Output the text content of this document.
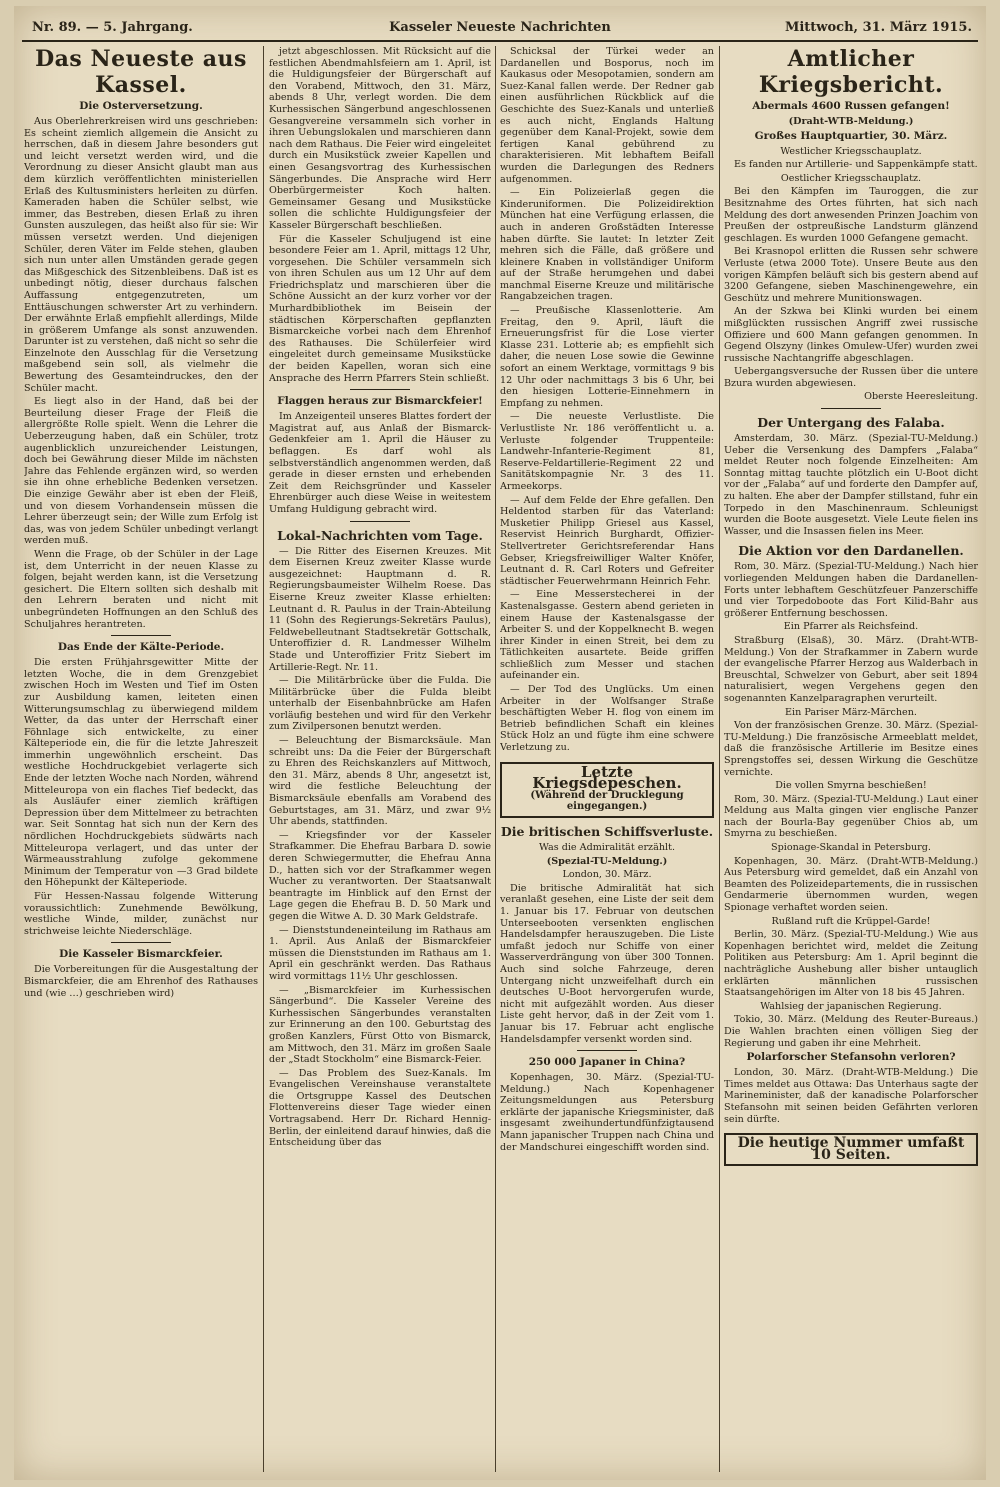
Nr. 89. — 5. Jahrgang.	Kasseler Neueste Nachrichten	Mittwoch, 31. März 1915.
Das Neueste aus Kassel.
Die Osterversetzung.

Aus Oberlehrerkreisen wird uns geschrieben: Es scheint ziemlich allgemein die Ansicht zu herrschen, daß in diesem Jahre besonders gut und leicht versetzt werden wird, und die Verordnung zu dieser Ansicht glaubt man aus dem kürzlich veröffentlichten ministeriellen Erlaß des Kultusministers herleiten zu dürfen. Kameraden haben die Schüler selbst, wie immer, das Bestreben, diesen Erlaß zu ihren Gunsten auszulegen, das heißt also für sie: Wir müssen versetzt werden. Und diejenigen Schüler, deren Väter im Felde stehen, glauben sich nun unter allen Umständen gerade gegen das Mißgeschick des Sitzenbleibens. Daß ist es unbedingt nötig, dieser durchaus falschen Auffassung entgegenzutreten, um Enttäuschungen schwerster Art zu verhindern. Der erwähnte Erlaß empfiehlt allerdings, Milde in größerem Umfange als sonst anzuwenden. Darunter ist zu verstehen, daß nicht so sehr die Einzelnote den Ausschlag für die Versetzung maßgebend sein soll, als vielmehr die Bewertung des Gesamteindruckes, den der Schüler macht.

Es liegt also in der Hand, daß bei der Beurteilung dieser Frage der Fleiß die allergrößte Rolle spielt. Wenn die Lehrer die Ueberzeugung haben, daß ein Schüler, trotz augenblicklich unzureichender Leistungen, doch bei Gewährung dieser Milde im nächsten Jahre das Fehlende ergänzen wird, so werden sie ihn ohne erhebliche Bedenken versetzen. Die einzige Gewähr aber ist eben der Fleiß, und von diesem Vorhandensein müssen die Lehrer überzeugt sein; der Wille zum Erfolg ist das, was von jedem Schüler unbedingt verlangt werden muß.

Wenn die Frage, ob der Schüler in der Lage ist, dem Unterricht in der neuen Klasse zu folgen, bejaht werden kann, ist die Versetzung gesichert. Die Eltern sollten sich deshalb mit den Lehrern beraten und nicht mit unbegründeten Hoffnungen an den Schluß des Schuljahres herantreten.

Das Ende der Kälte-Periode.

Die ersten Frühjahrsgewitter Mitte der letzten Woche, die in dem Grenzgebiet zwischen Hoch im Westen und Tief im Osten zur Ausbildung kamen, leiteten einen Witterungsumschlag zu überwiegend mildem Wetter, da das unter der Herrschaft einer Föhnlage sich entwickelte, zu einer Kälteperiode ein, die für die letzte Jahreszeit immerhin ungewöhnlich erscheint. Das westliche Hochdruckgebiet verlagerte sich Ende der letzten Woche nach Norden, während Mitteleuropa von ein flaches Tief bedeckt, das als Ausläufer einer ziemlich kräftigen Depression über dem Mittelmeer zu betrachten war. Seit Sonntag hat sich nun der Kern des nördlichen Hochdruckgebiets südwärts nach Mitteleuropa verlagert, und das unter der Wärmeausstrahlung zufolge gekommene Minimum der Temperatur von —3 Grad bildete den Höhepunkt der Kälteperiode.

Für Hessen-Nassau folgende Witterung voraussichtlich: Zunehmende Bewölkung, westliche Winde, milder, zunächst nur strichweise leichte Niederschläge.

Die Kasseler Bismarckfeier.

Die Vorbereitungen für die Ausgestaltung der Bismarckfeier, die am Ehrenhof des Rathauses und (wie …) geschrieben wird)

jetzt abgeschlossen. Mit Rücksicht auf die festlichen Abendmahlsfeiern am 1. April, ist die Huldigungsfeier der Bürgerschaft auf den Vorabend, Mittwoch, den 31. März, abends 8 Uhr, verlegt worden. Die dem Kurhessischen Sängerbund angeschlossenen Gesangvereine versammeln sich vorher in ihren Uebungslokalen und marschieren dann nach dem Rathaus. Die Feier wird eingeleitet durch ein Musikstück zweier Kapellen und einen Gesangsvortrag des Kurhessischen Sängerbundes. Die Ansprache wird Herr Oberbürgermeister Koch halten. Gemeinsamer Gesang und Musikstücke sollen die schlichte Huldigungsfeier der Kasseler Bürgerschaft beschließen.

Für die Kasseler Schuljugend ist eine besondere Feier am 1. April, mittags 12 Uhr, vorgesehen. Die Schüler versammeln sich von ihren Schulen aus um 12 Uhr auf dem Friedrichsplatz und marschieren über die Schöne Aussicht an der kurz vorher vor der Murhardbibliothek im Beisein der städtischen Körperschaften gepflanzten Bismarckeiche vorbei nach dem Ehrenhof des Rathauses. Die Schülerfeier wird eingeleitet durch gemeinsame Musikstücke der beiden Kapellen, woran sich eine Ansprache des Herrn Pfarrers Stein schließt.

Flaggen heraus zur Bismarckfeier!

Im Anzeigenteil unseres Blattes fordert der Magistrat auf, aus Anlaß der Bismarck-Gedenkfeier am 1. April die Häuser zu beflaggen. Es darf wohl als selbstverständlich angenommen werden, daß gerade in dieser ernsten und erhebenden Zeit dem Reichsgründer und Kasseler Ehrenbürger auch diese Weise in weitestem Umfang Huldigung gebracht wird.

Lokal-Nachrichten vom Tage.

— Die Ritter des Eisernen Kreuzes. Mit dem Eisernen Kreuz zweiter Klasse wurde ausgezeichnet: Hauptmann d. R. Regierungsbaumeister Wilhelm Roese. Das Eiserne Kreuz zweiter Klasse erhielten: Leutnant d. R. Paulus in der Train-Abteilung 11 (Sohn des Regierungs-Sekretärs Paulus), Feldwebelleutnant Stadtsekretär Gottschalk, Unteroffizier d. R. Landmesser Wilhelm Stade und Unteroffizier Fritz Siebert im Artillerie-Regt. Nr. 11.

— Die Militärbrücke über die Fulda. Die Militärbrücke über die Fulda bleibt unterhalb der Eisenbahnbrücke am Hafen vorläufig bestehen und wird für den Verkehr zum Zivilpersonen benutzt werden.

— Beleuchtung der Bismarcksäule. Man schreibt uns: Da die Feier der Bürgerschaft zu Ehren des Reichskanzlers auf Mittwoch, den 31. März, abends 8 Uhr, angesetzt ist, wird die festliche Beleuchtung der Bismarcksäule ebenfalls am Vorabend des Geburtstages, am 31. März, und zwar 9½ Uhr abends, stattfinden.

— Kriegsfinder vor der Kasseler Strafkammer. Die Ehefrau Barbara D. sowie deren Schwiegermutter, die Ehefrau Anna D., hatten sich vor der Strafkammer wegen Wucher zu verantworten. Der Staatsanwalt beantragte im Hinblick auf den Ernst der Lage gegen die Ehefrau B. D. 50 Mark und gegen die Witwe A. D. 30 Mark Geldstrafe.

— Dienststundeneinteilung im Rathaus am 1. April. Aus Anlaß der Bismarckfeier müssen die Dienststunden im Rathaus am 1. April ein geschränkt werden. Das Rathaus wird vormittags 11½ Uhr geschlossen.

— „Bismarckfeier im Kurhessischen Sängerbund“. Die Kasseler Vereine des Kurhessischen Sängerbundes veranstalten zur Erinnerung an den 100. Geburtstag des großen Kanzlers, Fürst Otto von Bismarck, am Mittwoch, den 31. März im großen Saale der „Stadt Stockholm“ eine Bismarck-Feier.

— Das Problem des Suez-Kanals. Im Evangelischen Vereinshause veranstaltete die Ortsgruppe Kassel des Deutschen Flottenvereins dieser Tage wieder einen Vortragsabend. Herr Dr. Richard Hennig-Berlin, der einleitend darauf hinwies, daß die Entscheidung über das

Schicksal der Türkei weder an Dardanellen und Bosporus, noch im Kaukasus oder Mesopotamien, sondern am Suez-Kanal fallen werde. Der Redner gab einen ausführlichen Rückblick auf die Geschichte des Suez-Kanals und unterließ es auch nicht, Englands Haltung gegenüber dem Kanal-Projekt, sowie dem fertigen Kanal gebührend zu charakterisieren. Mit lebhaftem Beifall wurden die Darlegungen des Redners aufgenommen.

— Ein Polizeierlaß gegen die Kinderuniformen. Die Polizeidirektion München hat eine Verfügung erlassen, die auch in anderen Großstädten Interesse haben dürfte. Sie lautet: In letzter Zeit mehren sich die Fälle, daß größere und kleinere Knaben in vollständiger Uniform auf der Straße herumgehen und dabei manchmal Eiserne Kreuze und militärische Rangabzeichen tragen.

— Preußische Klassenlotterie. Am Freitag, den 9. April, läuft die Erneuerungsfrist für die Lose vierter Klasse 231. Lotterie ab; es empfiehlt sich daher, die neuen Lose sowie die Gewinne sofort an einem Werktage, vormittags 9 bis 12 Uhr oder nachmittags 3 bis 6 Uhr, bei den hiesigen Lotterie-Einnehmern in Empfang zu nehmen.

— Die neueste Verlustliste. Die Verlustliste Nr. 186 veröffentlicht u. a. Verluste folgender Truppenteile: Landwehr-Infanterie-Regiment 81, Reserve-Feldartillerie-Regiment 22 und Sanitätskompagnie Nr. 3 des 11. Armeekorps.

— Auf dem Felde der Ehre gefallen. Den Heldentod starben für das Vaterland: Musketier Philipp Griesel aus Kassel, Reservist Heinrich Burghardt, Offizier-Stellvertreter Gerichtsreferendar Hans Gebser, Kriegsfreiwilliger Walter Knöfer, Leutnant d. R. Carl Roters und Gefreiter städtischer Feuerwehrmann Heinrich Fehr.

— Eine Messerstecherei in der Kastenalsgasse. Gestern abend gerieten in einem Hause der Kastenalsgasse der Arbeiter S. und der Koppelknecht B. wegen ihrer Kinder in einen Streit, bei dem zu Tätlichkeiten ausartete. Beide griffen schließlich zum Messer und stachen aufeinander ein.

— Der Tod des Unglücks. Um einen Arbeiter in der Wolfsanger Straße beschäftigten Weber H. flog von einem im Betrieb befindlichen Schaft ein kleines Stück Holz an und fügte ihm eine schwere Verletzung zu.

Letzte Kriegsdepeschen.
(Während der Drucklegung eingegangen.)
Die britischen Schiffsverluste.
Was die Admiralität erzählt.
(Spezial-TU-Meldung.)
London, 30. März.

Die britische Admiralität hat sich veranlaßt gesehen, eine Liste der seit dem 1. Januar bis 17. Februar von deutschen Unterseebooten versenkten englischen Handelsdampfer herauszugeben. Die Liste umfaßt jedoch nur Schiffe von einer Wasserverdrängung von über 300 Tonnen. Auch sind solche Fahrzeuge, deren Untergang nicht unzweifelhaft durch ein deutsches U-Boot hervorgerufen wurde, nicht mit aufgezählt worden. Aus dieser Liste geht hervor, daß in der Zeit vom 1. Januar bis 17. Februar acht englische Handelsdampfer versenkt worden sind.

250 000 Japaner in China?

Kopenhagen, 30. März. (Spezial-TU-Meldung.) Nach Kopenhagener Zeitungsmeldungen aus Petersburg erklärte der japanische Kriegsminister, daß insgesamt zweihundertundfünfzigtausend Mann japanischer Truppen nach China und der Mandschurei eingeschifft worden sind.

Amtlicher Kriegsbericht.
Abermals 4600 Russen gefangen!
(Draht-WTB-Meldung.)
Großes Hauptquartier, 30. März.
Westlicher Kriegsschauplatz.

Es fanden nur Artillerie- und Sappenkämpfe statt.

Oestlicher Kriegsschauplatz.

Bei den Kämpfen im Tauroggen, die zur Besitznahme des Ortes führten, hat sich nach Meldung des dort anwesenden Prinzen Joachim von Preußen der ostpreußische Landsturm glänzend geschlagen. Es wurden 1000 Gefangene gemacht.

Bei Krasnopol erlitten die Russen sehr schwere Verluste (etwa 2000 Tote). Unsere Beute aus den vorigen Kämpfen beläuft sich bis gestern abend auf 3200 Gefangene, sieben Maschinengewehre, ein Geschütz und mehrere Munitionswagen.

An der Szkwa bei Klinki wurden bei einem mißglückten russischen Angriff zwei russische Offiziere und 600 Mann gefangen genommen. In Gegend Olszyny (linkes Omulew-Ufer) wurden zwei russische Nachtangriffe abgeschlagen.

Uebergangsversuche der Russen über die untere Bzura wurden abgewiesen.

Oberste Heeresleitung.
Der Untergang des Falaba.

Amsterdam, 30. März. (Spezial-TU-Meldung.) Ueber die Versenkung des Dampfers „Falaba“ meldet Reuter noch folgende Einzelheiten: Am Sonntag mittag tauchte plötzlich ein U-Boot dicht vor der „Falaba“ auf und forderte den Dampfer auf, zu halten. Ehe aber der Dampfer stillstand, fuhr ein Torpedo in den Maschinenraum. Schleunigst wurden die Boote ausgesetzt. Viele Leute fielen ins Wasser, und die Insassen fielen ins Meer.

Die Aktion vor den Dardanellen.

Rom, 30. März. (Spezial-TU-Meldung.) Nach hier vorliegenden Meldungen haben die Dardanellen-Forts unter lebhaftem Geschützfeuer Panzerschiffe und vier Torpedoboote das Fort Kilid-Bahr aus größerer Entfernung beschossen.

Ein Pfarrer als Reichsfeind.

Straßburg (Elsaß), 30. März. (Draht-WTB-Meldung.) Von der Strafkammer in Zabern wurde der evangelische Pfarrer Herzog aus Walderbach in Breuschtal, Schwelzer von Geburt, aber seit 1894 naturalisiert, wegen Vergehens gegen den sogenannten Kanzelparagraphen verurteilt.

Ein Pariser März-Märchen.

Von der französischen Grenze. 30. März. (Spezial-TU-Meldung.) Die französische Armeeblatt meldet, daß die französische Artillerie im Besitze eines Sprengstoffes sei, dessen Wirkung die Geschütze vernichte.

Die vollen Smyrna beschießen!

Rom, 30. März. (Spezial-TU-Meldung.) Laut einer Meldung aus Malta gingen vier englische Panzer nach der Bourla-Bay gegenüber Chios ab, um Smyrna zu beschießen.

Spionage-Skandal in Petersburg.

Kopenhagen, 30. März. (Draht-WTB-Meldung.) Aus Petersburg wird gemeldet, daß ein Anzahl von Beamten des Polizeidepartements, die in russischen Gendarmerie übernommen wurden, wegen Spionage verhaftet worden seien.

Rußland ruft die Krüppel-Garde!

Berlin, 30. März. (Spezial-TU-Meldung.) Wie aus Kopenhagen berichtet wird, meldet die Zeitung Politiken aus Petersburg: Am 1. April beginnt die nachträgliche Aushebung aller bisher untauglich erklärten männlichen russischen Staatsangehörigen im Alter von 18 bis 45 Jahren.

Wahlsieg der japanischen Regierung.

Tokio, 30. März. (Meldung des Reuter-Bureaus.) Die Wahlen brachten einen völligen Sieg der Regierung und gaben ihr eine Mehrheit.

Polarforscher Stefansohn verloren?

London, 30. März. (Draht-WTB-Meldung.) Die Times meldet aus Ottawa: Das Unterhaus sagte der Marineminister, daß der kanadische Polarforscher Stefansohn mit seinen beiden Gefährten verloren sein dürfte.

Die heutige Nummer umfaßt 10 Seiten.
